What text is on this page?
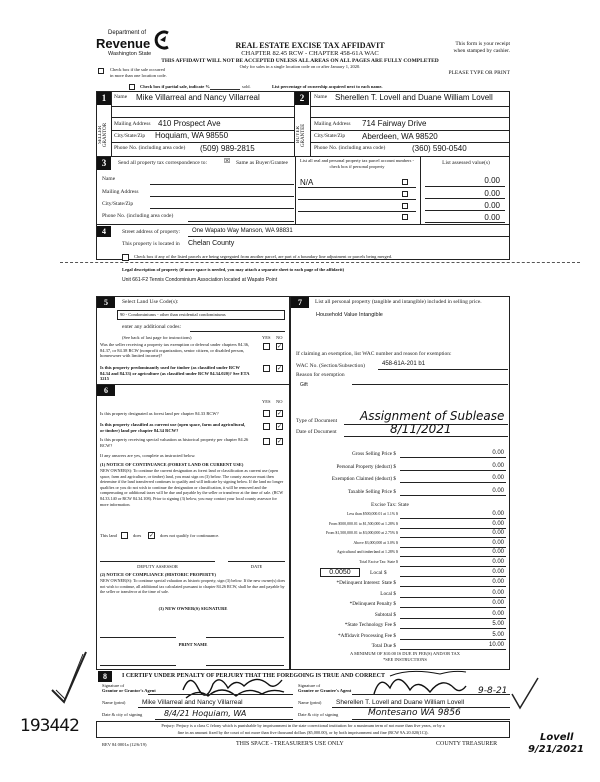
Department of
Revenue
Washington State
REAL ESTATE EXCISE TAX AFFIDAVIT
CHAPTER 82.45 RCW - CHAPTER 458-61A WAC
This form is your receipt
when stamped by cashier.
THIS AFFIDAVIT WILL NOT BE ACCEPTED UNLESS ALL AREAS ON ALL PAGES ARE FULLY COMPLETED
Only for sales in a single location code on or after January 1, 2020.
Check box if the sale occurred
in more than one location code.	PLEASE TYPE OR PRINT
Check box if partial sale, indicate %	sold.	List percentage of ownership acquired next to each name.
1
SELLER GRANTOR
Name Mike Villarreal and Nancy Villarreal
Mailing Address 410 Prospect Ave
City/State/Zip Hoquiam, WA 98550
Phone No. (including area code) (509) 989-2815
2
BUYER GRANTEE
Name Sherellen T. Lovell and Duane William Lovell
Mailing Address 714 Fairway Drive
City/State/Zip Aberdeen, WA 98520
Phone No. (including area code)	(360) 590-0540
3	Send all property tax correspondence to: ☒ Same as Buyer/Grantee
Name
Mailing Address
City/State/Zip
Phone No. (including area code)
List all real and personal property tax parcel account numbers - check box if personal property	List assessed value(s)
N/A	0.00
0.00
0.00
0.00
4	Street address of property: One Wapato Way Manson, WA 98831
This property is located in Chelan County
Check box if any of the listed parcels are being segregated from another parcel, are part of a boundary line adjustment or parcels being merged.
Legal description of property (if more space is needed, you may attach a separate sheet to each page of the affidavit)
Unit 661-F2 Tennis Condominium Association located at Wapato Point
5	Select Land Use Code(s):
90 - Condominiums - other than residential condominiums
enter any additional codes:
(See back of last page for instructions)	YES NO
Was the seller receiving a property tax exemption or deferral under chapters 84.36, 84.37, or 84.38 RCW (nonprofit organization, senior citizen, or disabled person, homeowner with limited income)?
✓
Is this property predominantly used for timber (as classified under RCW 84.34 and 84.33) or agriculture (as classified under RCW 84.34.020)? See ETA 3215
✓
6
YES NO
Is this property designated as forest land per chapter 84.33 RCW?	✓
Is this property classified as current use (open space, farm and agricultural, or timber) land per chapter 84.34 RCW?	✓
Is this property receiving special valuation as historical property per chapter 84.26 RCW?	✓
If any answers are yes, complete as instructed below.
(1) NOTICE OF CONTINUANCE (FOREST LAND OR CURRENT USE)
NEW OWNER(S): To continue the current designation as forest land or classification as current use (open space, farm and agriculture, or timber) land, you must sign on (3) below. The county assessor must then determine if the land transferred continues to qualify and will indicate by signing below. If the land no longer qualifies or you do not wish to continue the designation or classification, it will be removed and the compensating or additional taxes will be due and payable by the seller or transferor at the time of sale. (RCW 84.33.140 or RCW 84.34.108). Prior to signing (3) below, you may contact your local county assessor for more information.
This land	does ✓ does not qualify for continuance.
DEPUTY ASSESSOR	DATE
(2) NOTICE OF COMPLIANCE (HISTORIC PROPERTY)
NEW OWNER(S): To continue special valuation as historic property, sign (3) below. If the new owner(s) does not wish to continue, all additional tax calculated pursuant to chapter 84.26 RCW, shall be due and payable by the seller or transferor at the time of sale.
(3) NEW OWNER(S) SIGNATURE
PRINT NAME
7	List all personal property (tangible and intangible) included in selling price.
Household Value Intangible
If claiming an exemption, list WAC number and reason for exemption:
WAC No. (Section/Subsection)	458-61A-201 b1
Reason for exemption
Gift
Type of Document Assignment of Sublease
Date of Document	8/11/2021
Gross Selling Price $	0.00
Personal Property (deduct) $	0.00
Exemption Claimed (deduct) $	0.00
Taxable Selling Price $	0.00
Less than $500,000.01 at 1.1% $	0.00
From $500,000.01 to $1,500,000 at 1.28% $	0.00
From $1,500,000.01 to $3,000,000 at 2.75% $	0.00
Above $3,000,000 at 3.0% $	0.00
Agricultural and timberland at 1.28% $	0.00
Total Excise Tax: State $	0.00
*Delinquent Interest: State $	0.00
Local $	0.00
*Delinquent Penalty $	0.00
Subtotal $	0.00
*State Technology Fee $	5.00
*Affidavit Processing Fee $	5.00
Total Due $	10.00
Excise Tax: State
0.0050	Local $	0.00
A MINIMUM OF $10.00 IS DUE IN FEE(S) AND/OR TAX
*SEE INSTRUCTIONS
8	I CERTIFY UNDER PENALTY OF PERJURY THAT THE FOREGOING IS TRUE AND CORRECT
Signature of
Grantor or Grantor's Agent
Signature of
Grantee or Grantee's Agent	9-8-21
Name (print)	Mike Villarreal and Nancy Villarreal	Name (print) Sherellen T. Lovell and Duane William Lovell
Date & city of signing	8/4/21 Hoquiam, WA	Date & city of signing	Montesano WA 9856
Perjury: Perjury is a class C felony which is punishable by imprisonment in the state correctional institution for a maximum term of not more than five years, or by a
fine in an amount fixed by the court of not more than five thousand dollars ($5,000.00), or by both imprisonment and fine (RCW 9A.20.020(1C)).
REV 84 0001a (12/6/19)	THIS SPACE - TREASURER'S USE ONLY	COUNTY TREASURER
193442
Lovell
9/21/2021
